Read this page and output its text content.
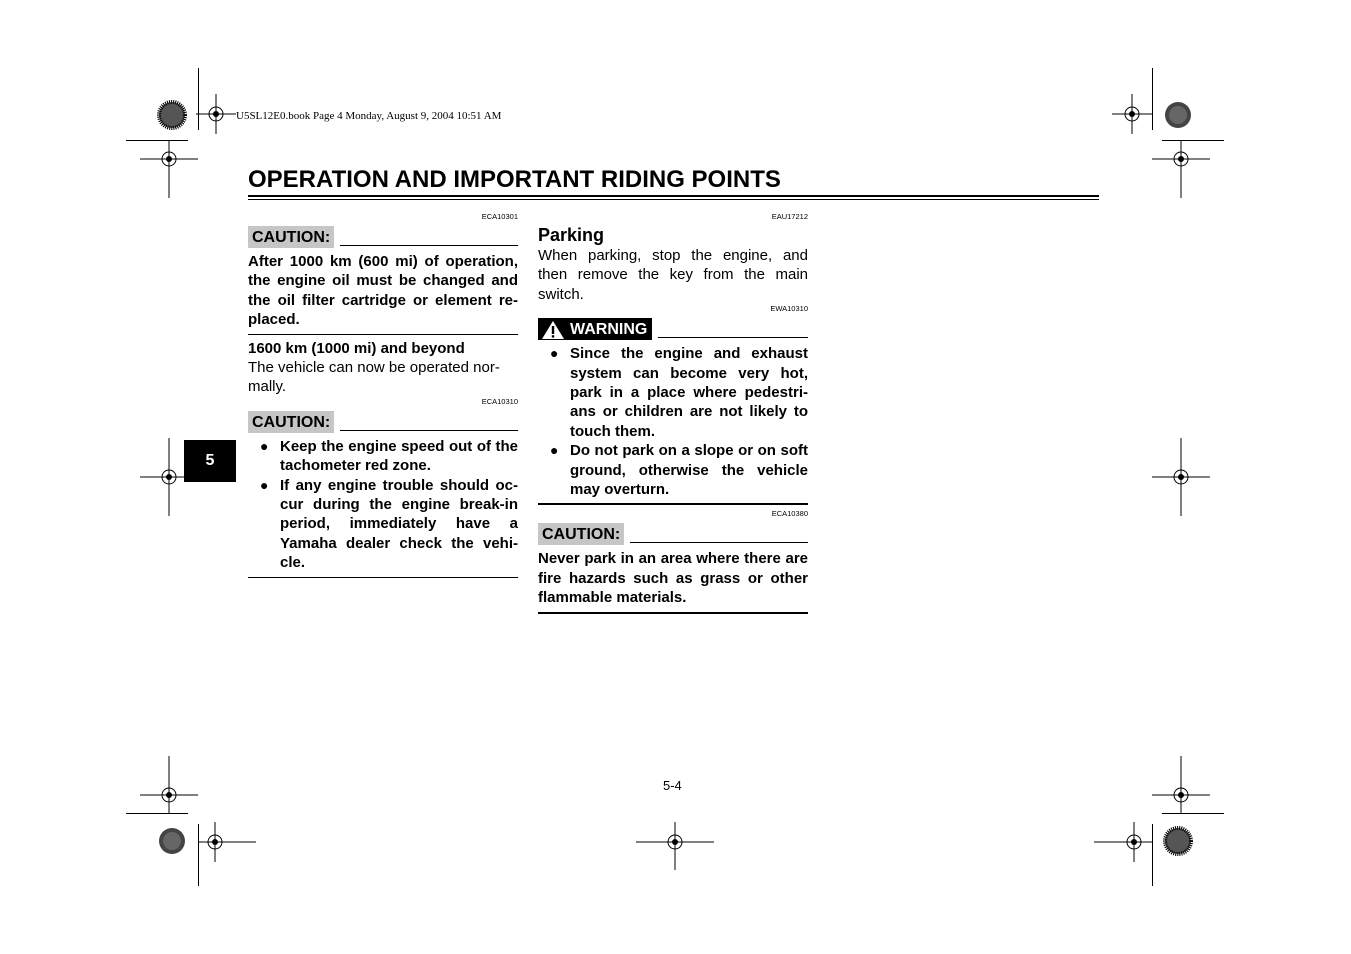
U5SL12E0.book Page 4 Monday, August 9, 2004 10:51 AM
OPERATION AND IMPORTANT RIDING POINTS
5
ECA10301
CAUTION:
After 1000 km (600 mi) of operation, the engine oil must be changed and the oil filter cartridge or element re-placed.
1600 km (1000 mi) and beyond
The vehicle can now be operated nor-mally.
ECA10310
CAUTION:
● Keep the engine speed out of the tachometer red zone.
● If any engine trouble should oc-cur during the engine break-in period, immediately have a Yamaha dealer check the vehi-cle.
EAU17212
Parking
When parking, stop the engine, and then remove the key from the main switch.
EWA10310
WARNING
● Since the engine and exhaust system can become very hot, park in a place where pedestri-ans or children are not likely to touch them.
● Do not park on a slope or on soft ground, otherwise the vehicle may overturn.
ECA10380
CAUTION:
Never park in an area where there are fire hazards such as grass or other flammable materials.
5-4
